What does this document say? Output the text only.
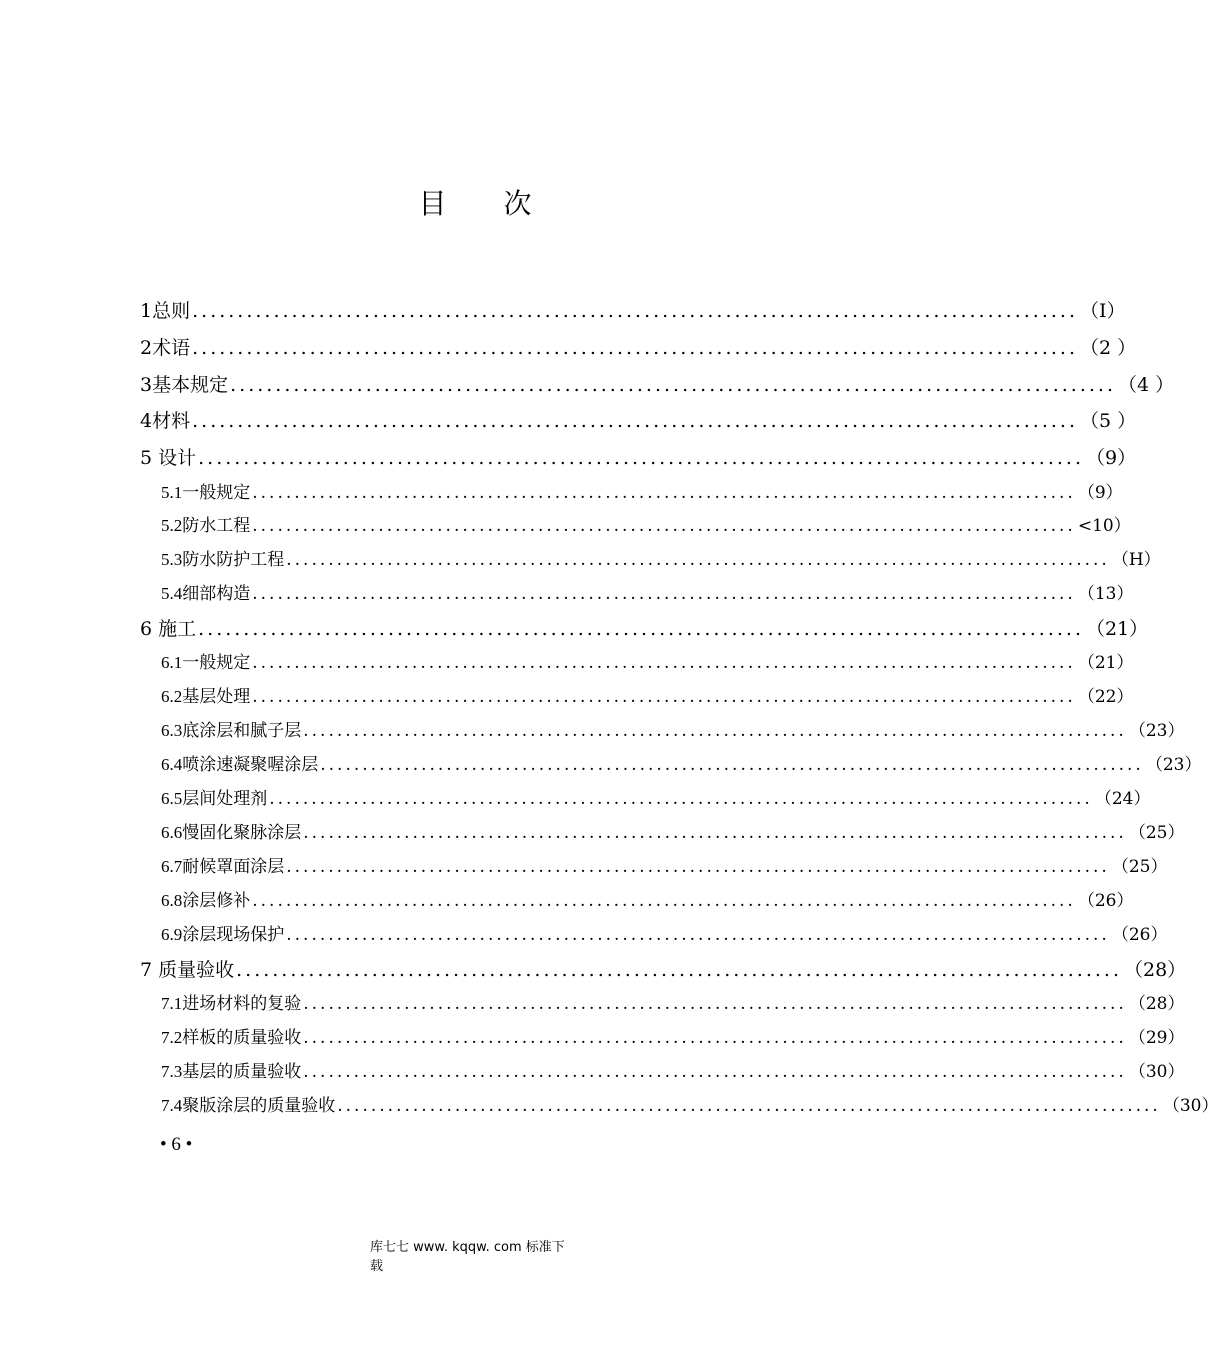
目 次
1 总则 .................................................................................................. （I）
2 术语 .................................................................................................. （2 ）
3 基本规定 .................................................................................................. （4 ）
4 材料 .................................................................................................. （5 ）
5 设计 .................................................................................................. （9）
5.1 一般规定 .................................................................................................. （9）
5.2 防水工程 .................................................................................................. <10）
5.3 防水防护工程 .................................................................................................. （H）
5.4 细部构造 .................................................................................................. （13）
6 施工 .................................................................................................. （21）
6.1 一般规定 .................................................................................................. （21）
6.2 基层处理 .................................................................................................. （22）
6.3 底涂层和腻子层 .................................................................................................. （23）
6.4 喷涂速凝聚喔涂层 .................................................................................................. （23）
6.5 层间处理剂 .................................................................................................. （24）
6.6 慢固化聚脉涂层 .................................................................................................. （25）
6.7 耐候罩面涂层 .................................................................................................. （25）
6.8 涂层修补 .................................................................................................. （26）
6.9 涂层现场保护 .................................................................................................. （26）
7 质量验收 .................................................................................................. （28）
7.1 进场材料的复验 .................................................................................................. （28）
7.2 样板的质量验收 .................................................................................................. （29）
7.3 基层的质量验收 .................................................................................................. （30）
7.4 聚版涂层的质量验收 .................................................................................................. （30）
• 6 •
库七七 www. kqqw. com 标准下
载
